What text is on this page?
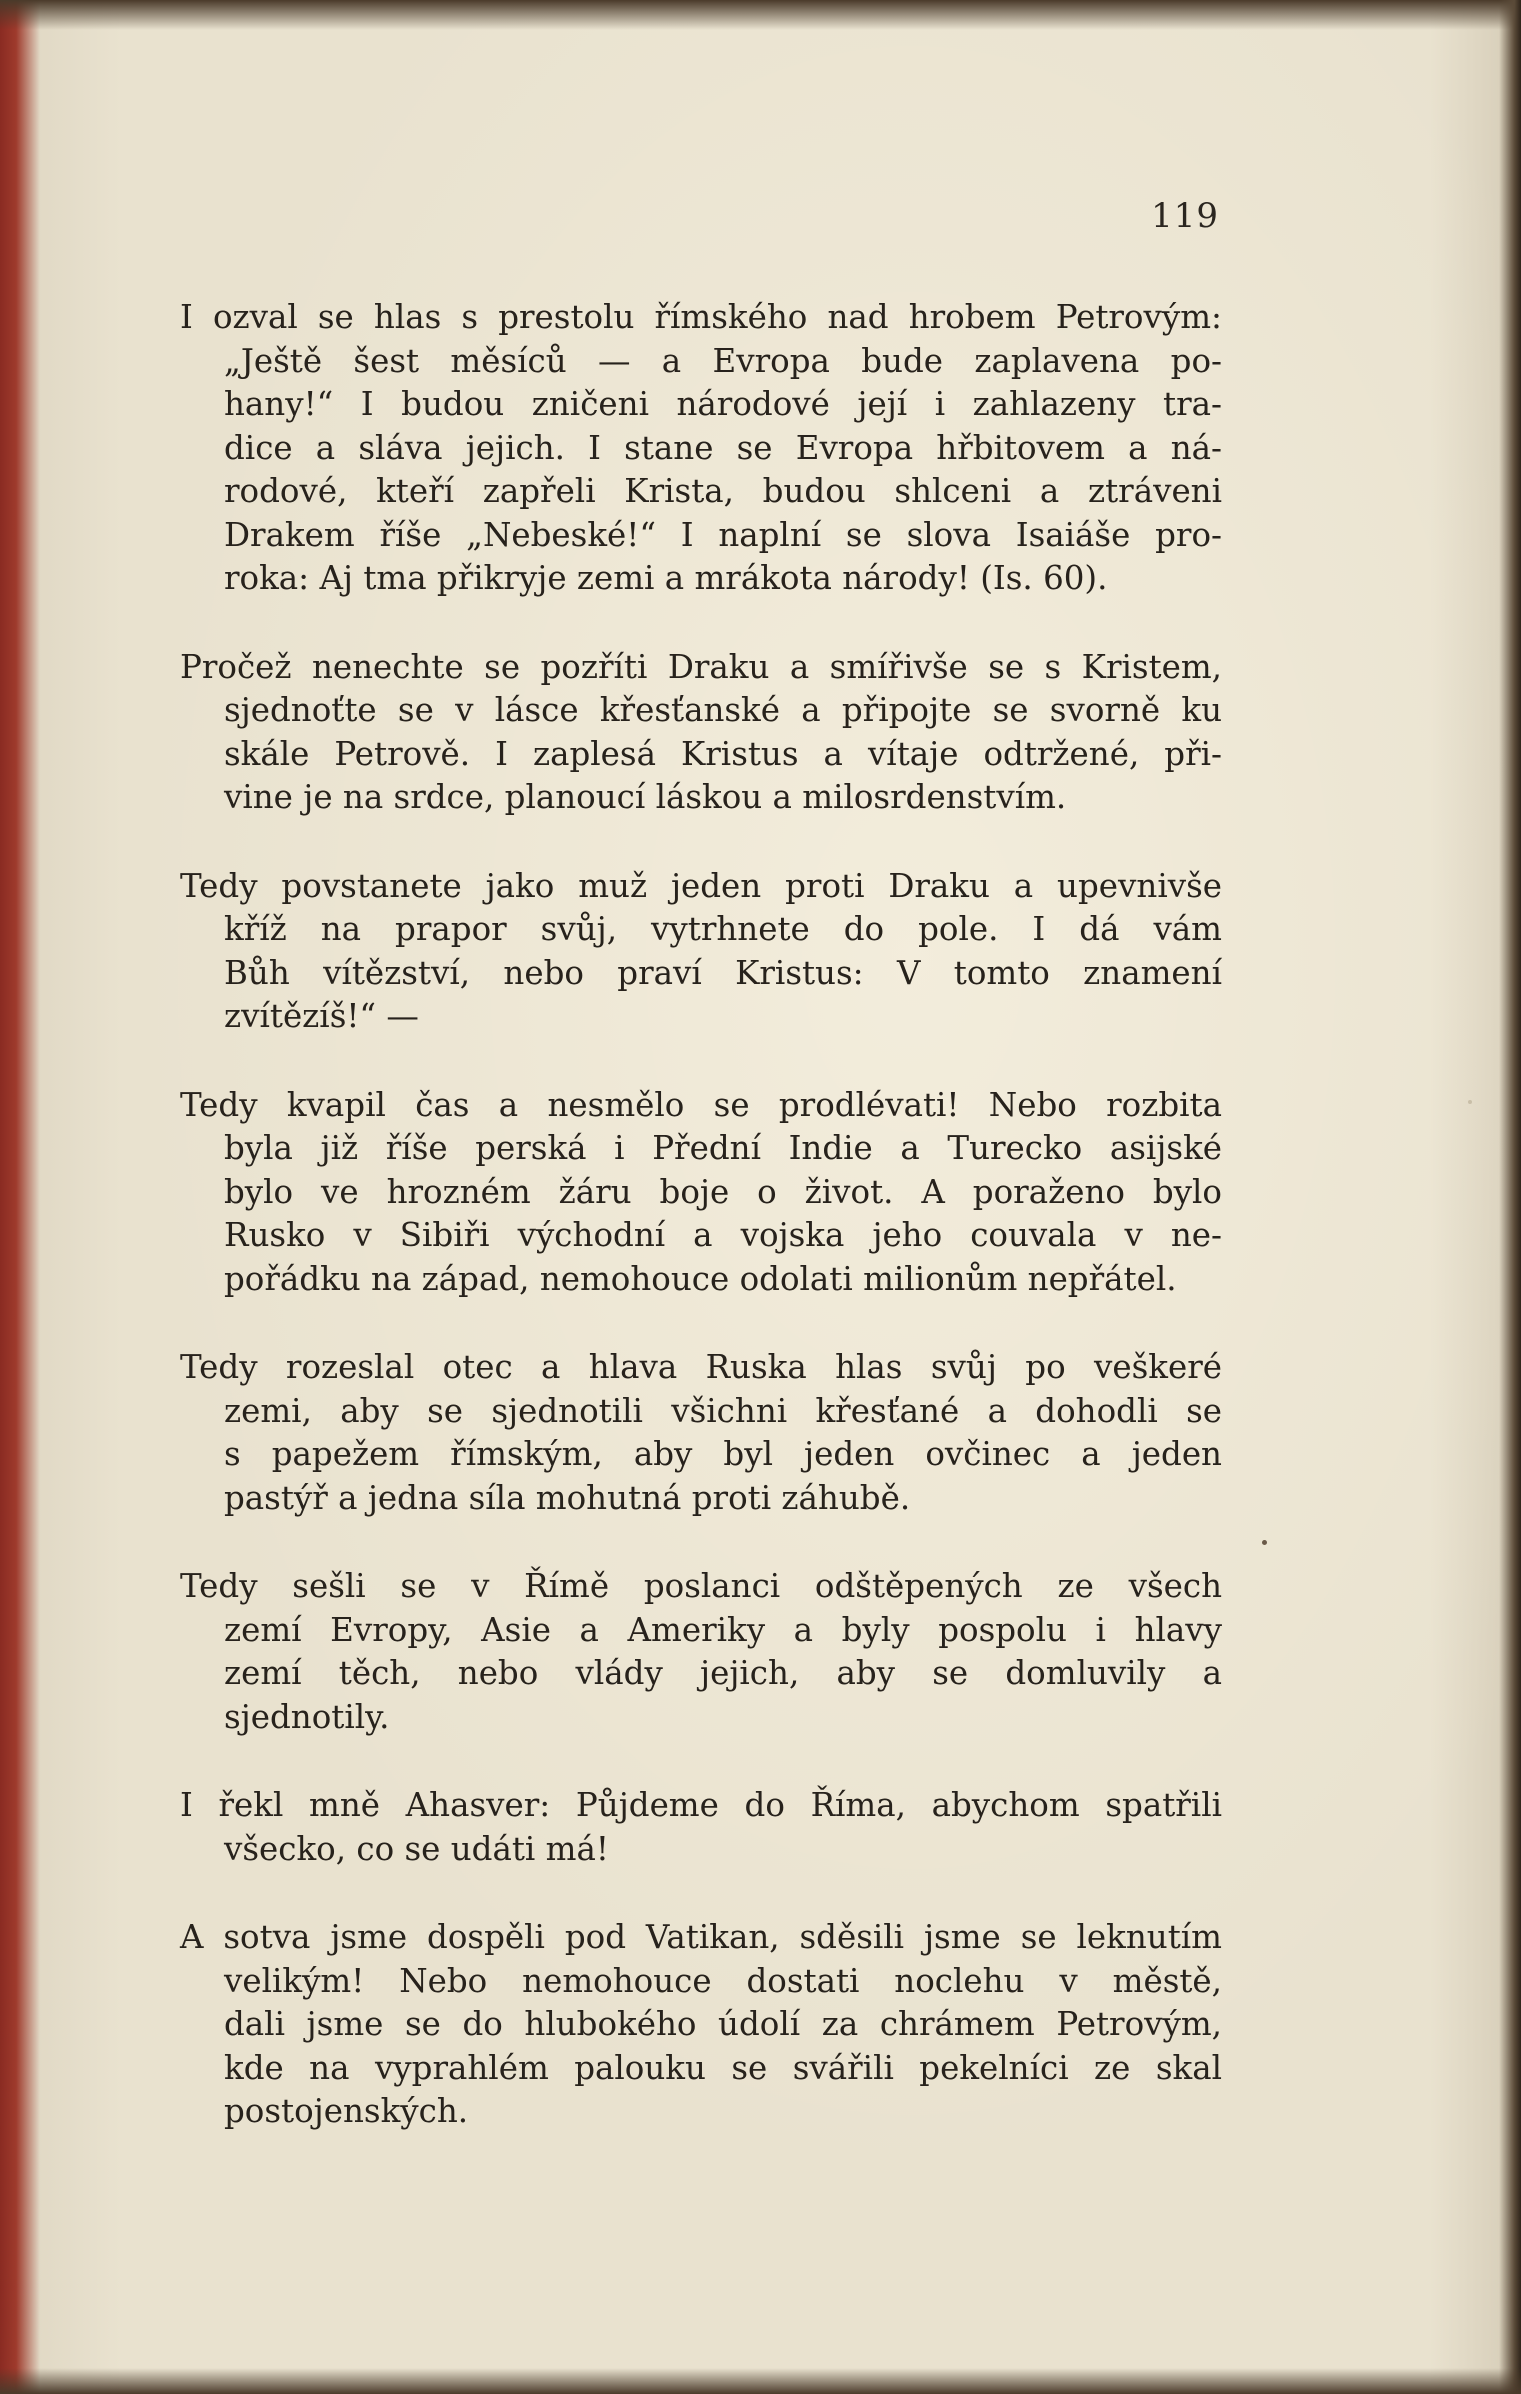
119

I ozval se hlas s prestolu římského nad hrobem Petrovým:
„Ještě šest měsíců — a Evropa bude zaplavena po-
hany!“ I budou zničeni národové její i zahlazeny tra-
dice a sláva jejich. I stane se Evropa hřbitovem a ná-
rodové, kteří zapřeli Krista, budou shlceni a ztráveni
Drakem říše „Nebeské!“ I naplní se slova Isaiáše pro-
roka: Aj tma přikryje zemi a mrákota národy! (Is. 60).

Pročež nenechte se pozříti Draku a smířivše se s Kristem,
sjednoťte se v lásce křesťanské a připojte se svorně ku
skále Petrově. I zaplesá Kristus a vítaje odtržené, při-
vine je na srdce, planoucí láskou a milosrdenstvím.

Tedy povstanete jako muž jeden proti Draku a upevnivše
kříž na prapor svůj, vytrhnete do pole. I dá vám
Bůh vítězství, nebo praví Kristus: V tomto znamení
zvítězíš!“ —

Tedy kvapil čas a nesmělo se prodlévati! Nebo rozbita
byla již říše perská i Přední Indie a Turecko asijské
bylo ve hrozném žáru boje o život. A poraženo bylo
Rusko v Sibiři východní a vojska jeho couvala v ne-
pořádku na západ, nemohouce odolati milionům nepřátel.

Tedy rozeslal otec a hlava Ruska hlas svůj po veškeré
zemi, aby se sjednotili všichni křesťané a dohodli se
s papežem římským, aby byl jeden ovčinec a jeden
pastýř a jedna síla mohutná proti záhubě.

Tedy sešli se v Římě poslanci odštěpených ze všech
zemí Evropy, Asie a Ameriky a byly pospolu i hlavy
zemí těch, nebo vlády jejich, aby se domluvily a
sjednotily.

I řekl mně Ahasver: Půjdeme do Říma, abychom spatřili
všecko, co se udáti má!

A sotva jsme dospěli pod Vatikan, sděsili jsme se leknutím
velikým! Nebo nemohouce dostati noclehu v městě,
dali jsme se do hlubokého údolí za chrámem Petrovým,
kde na vyprahlém palouku se svářili pekelníci ze skal
postojenských.
